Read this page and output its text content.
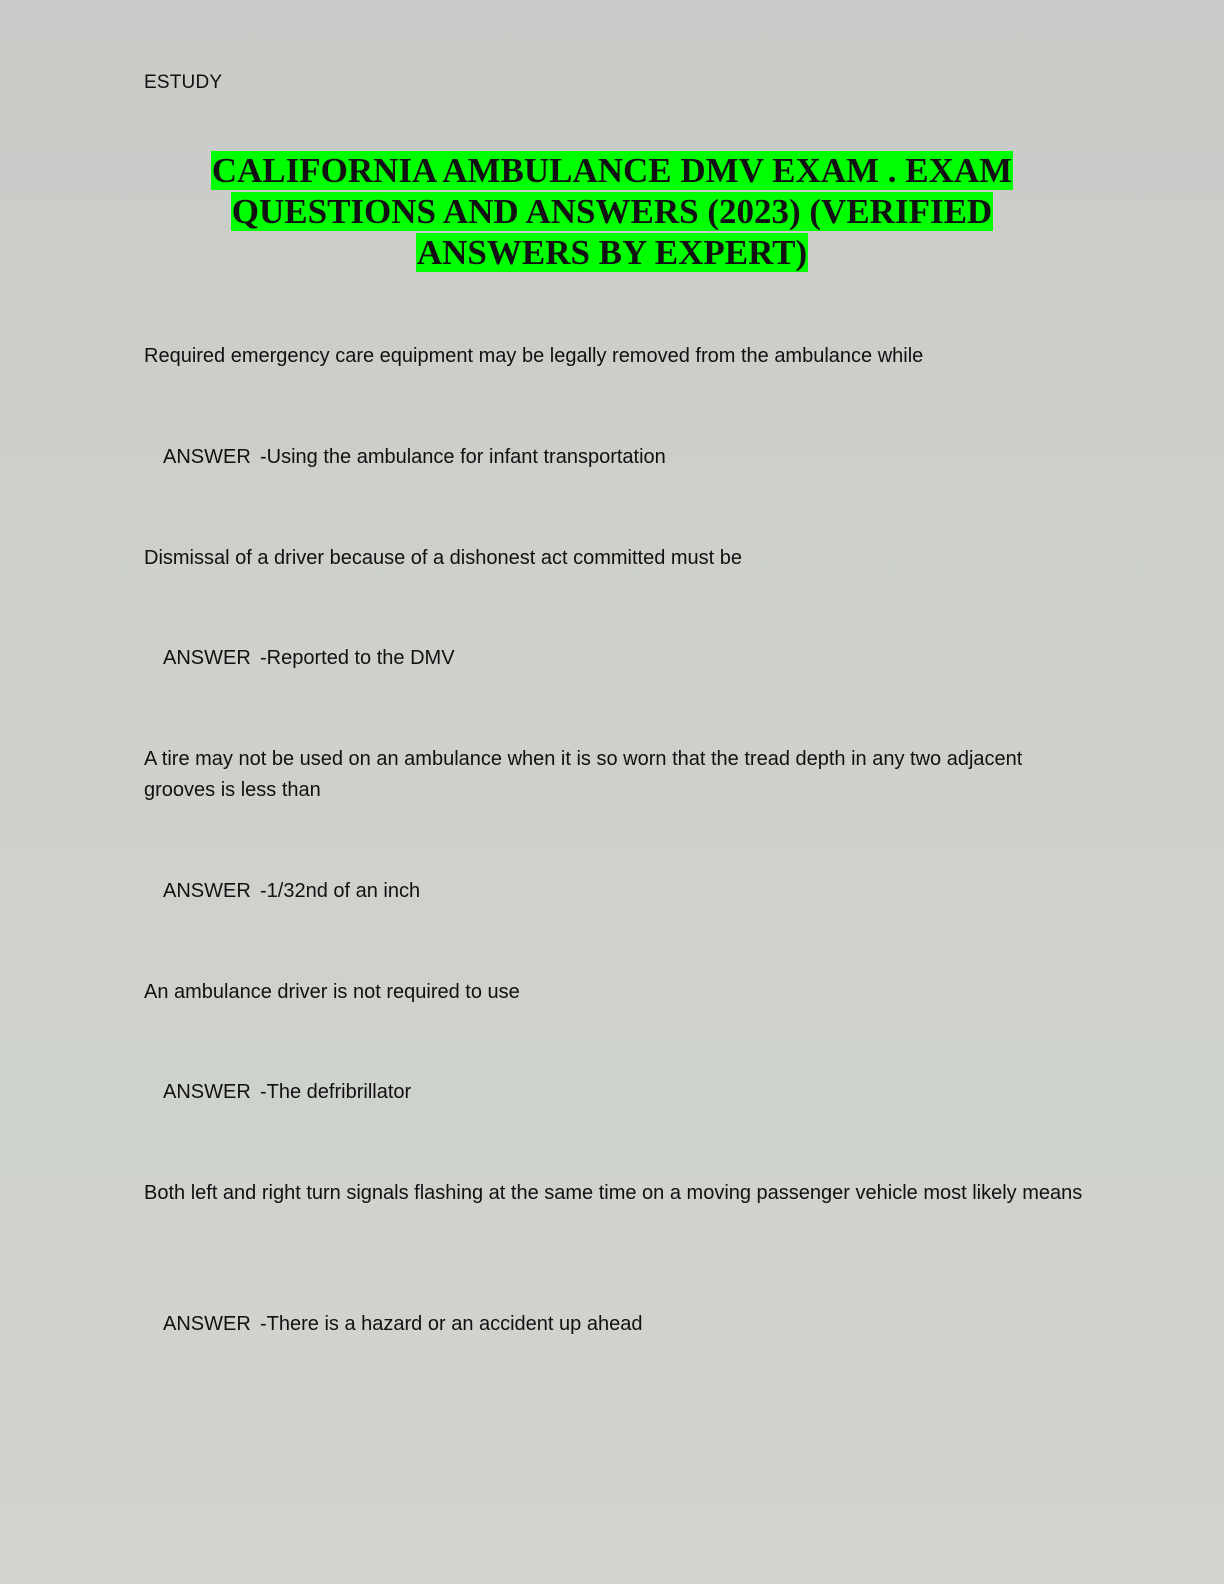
ESTUDY
CALIFORNIA AMBULANCE DMV EXAM . EXAM QUESTIONS AND ANSWERS (2023) (VERIFIED ANSWERS BY EXPERT)
Required emergency care equipment may be legally removed from the ambulance while
ANSWER -Using the ambulance for infant transportation
Dismissal of a driver because of a dishonest act committed must be
ANSWER -Reported to the DMV
A tire may not be used on an ambulance when it is so worn that the tread depth in any two adjacent grooves is less than
ANSWER -1/32nd of an inch
An ambulance driver is not required to use
ANSWER -The defribrillator
Both left and right turn signals flashing at the same time on a moving passenger vehicle most likely means
ANSWER -There is a hazard or an accident up ahead
